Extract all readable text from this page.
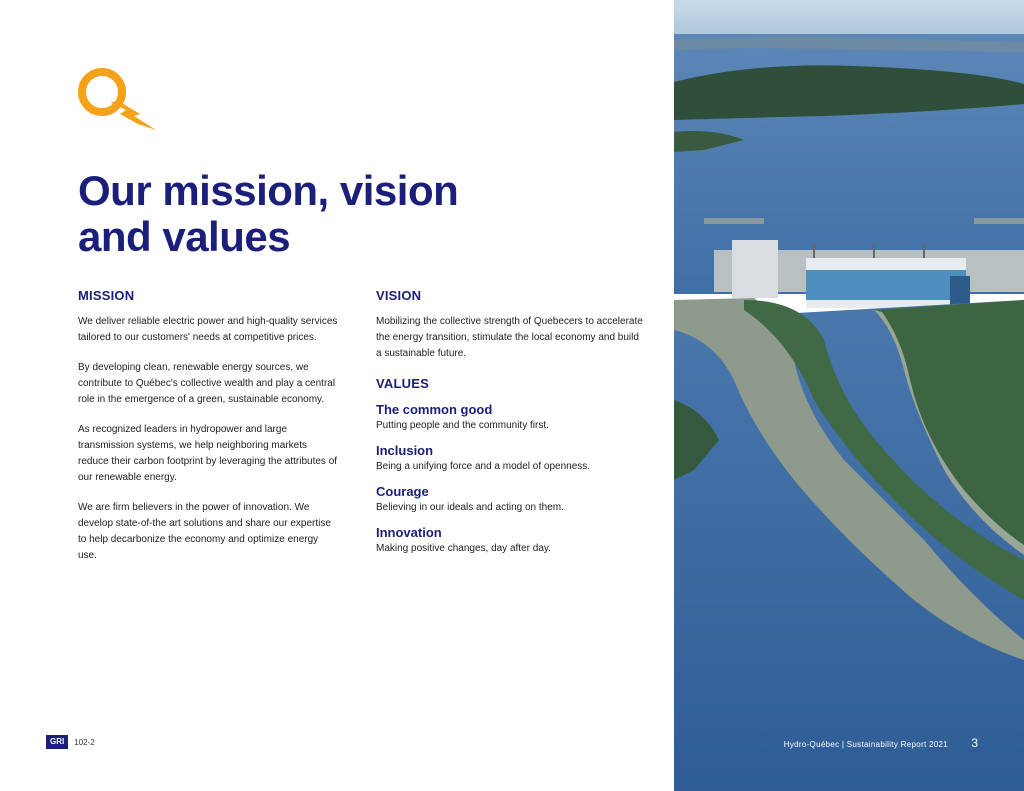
Our mission, vision
and values
MISSION

We deliver reliable electric power and high-quality services tailored to our customers' needs at competitive prices.

By developing clean, renewable energy sources, we contribute to Québec's collective wealth and play a central role in the emergence of a green, sustainable economy.

As recognized leaders in hydropower and large transmission systems, we help neighboring markets reduce their carbon footprint by leveraging the attributes of our renewable energy.

We are firm believers in the power of innovation. We develop state-of-the art solutions and share our expertise to help decarbonize the economy and optimize energy use.

VISION

Mobilizing the collective strength of Quebecers to accelerate the energy transition, stimulate the local economy and build a sustainable future.

VALUES
The common good
Putting people and the community first.
Inclusion
Being a unifying force and a model of openness.
Courage
Believing in our ideals and acting on them.
Innovation
Making positive changes, day after day.
GRI	102-2	Hydro-Québec | Sustainability Report 2021 3
